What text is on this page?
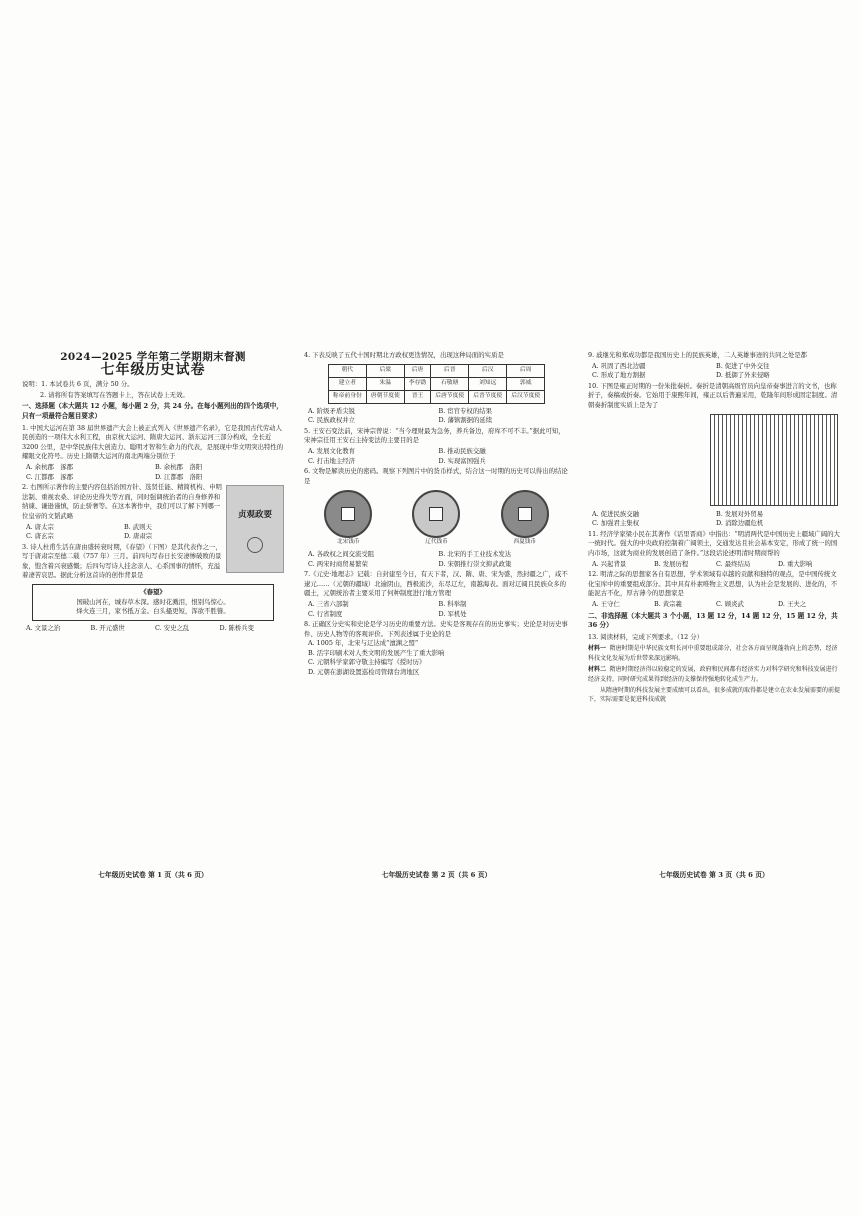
2024—2025 学年第二学期期末督测
七年级历史试卷
说明：1. 本试卷共 6 页，满分 50 分。
2. 请将所有答案填写在答题卡上，答在试卷上无效。
一、选择题（本大题共 12 小题，每小题 2 分，共 24 分。在每小题列出的四个选项中，只有一项最符合题目要求）
1. 中国大运河在第 38 届世界遗产大会上被正式列入《世界遗产名录》，它是我国古代劳动人民创造的一项伟大水利工程，由京杭大运河、隋唐大运河、浙东运河三部分构成，全长近 3200 公里，是中华民族伟大创造力、聪明才智和生命力的代表，是展现中华文明突出特性的耀眼文化符号。历史上隋朝大运河的南北两端分别位于
A. 余杭郡　涿郡	B. 余杭郡　洛阳
C. 江都郡　涿郡	D. 江都郡　洛阳
贞观政要
2. 右图所示著作的主要内容包括治国方针、选贤任能、精简机构、申明法制、重视农桑、评论历史得失等方面，同时强调统治者的自身修养和纳谏、谦逊谨慎，防止骄奢等。在这本著作中，我们可以了解下列哪一位皇帝的文韬武略
A. 唐太宗	B. 武则天
C. 唐玄宗	D. 唐肃宗
3. 诗人杜甫生活在唐由盛转衰时期，《春望》（下图）是其代表作之一，写于唐肃宗至德二载（757 年）三月。前四句写春日长安凄惨破败的景象，饱含着兴衰感慨；后四句写诗人挂念亲人、心系国事的情怀，充溢着凄苦哀思。据此分析这首诗的创作背景是
《春望》
国破山河在，城春草木深。感时花溅泪，恨别鸟惊心。
烽火连三月，家书抵万金。白头搔更短，浑欲不胜簪。
A. 文景之治	B. 开元盛世	C. 安史之乱	D. 陈桥兵变
七年级历史试卷 第 1 页（共 6 页）
4. 下表反映了五代十国时期北方政权更迭情况，出现这种局面的实质是
朝代	后梁	后唐	后晋	后汉	后周
建立者	朱温	李存勖	石敬瑭	刘知远	郭威
称帝前身份	唐朝节度使	晋王	后唐节度使	后晋节度使	后汉节度使
A. 阶级矛盾尖锐	B. 宦官专权的结果
C. 民族政权并立	D. 藩镇割据的延续
5. 王安石变法前，宋神宗曾说：“当今理财最为急务，养兵备边，府库不可不丰。”据此可知，宋神宗任用王安石主持变法的主要目的是
A. 发展文化教育	B. 推动民族交融
C. 打击地主经济	D. 实现富国强兵
6. 文物是解读历史的密码。观察下列图片中的货币样式，结合这一时期的历史可以得出的结论是
北宋钱币	辽代钱币	西夏钱币
A. 各政权之间交流受阻	B. 北宋的手工业技术发达
C. 两宋时商贸易繁荣	D. 宋朝推行崇文抑武政策
7.《元史·地理志》记载：自封建至今日，有天下者，汉、隋、唐、宋为盛，然封疆之广，咸不逮元……（元朝的疆域）北逾阴山，西极流沙，东尽辽左，南越海表。面对辽阔且民族众多的疆土，元朝统治者主要采用了何种制度进行地方管理
A. 三省六部制	B. 科举制
C. 行省制度	D. 军机处
8. 正确区分史实和史论是学习历史的重要方法。史实是客观存在的历史事实；史论是对历史事件、历史人物等的客观评价。下列表述属于史论的是
A. 1005 年，北宋与辽达成“澶渊之盟”
B. 活字印刷术对人类文明的发展产生了重大影响
C. 元朝科学家郭守敬主持编写《授时历》
D. 元朝在澎湖设置巡检司管辖台湾地区
七年级历史试卷 第 2 页（共 6 页）
9. 戚继光和郑成功都是我国历史上的民族英雄，二人英雄事迹的共同之处是都
A. 巩固了西北边疆	B. 促进了中外交往
C. 形成了地方割据	D. 抵御了外来侵略
10. 下图是雍正时期的一份朱批奏折。奏折是清朝高级官员向皇帝奏事进言的文书，也称折子，奏稿或折奏。它始用于康熙年间，雍正以后普遍采用，乾隆年间形成固定制度。清朝奏折制度实质上是为了
A. 促进民族交融	B. 发展对外贸易
C. 加强君主集权	D. 消除边疆危机
11. 经济学家梁小民在其著作《话里晋商》中指出：“明清两代是中国历史上疆域广阔的大一统时代。强大的中央政府控制着广阔领土，交通发达且社会基本安定，形成了统一的国内市场，这就为商业的发展创造了条件。”这段话论述明清时期商帮的
A. 兴起背景	B. 发展历程	C. 最终结局	D. 重大影响
12. 明清之际的思想家各自有思想，学术领域有卓越的贡献和独特的观点，是中国传统文化宝库中的重要组成部分。其中具有朴素唯物主义思想，认为社会是发展的、进化的，不能泥古不化，厚古薄今的思想家是
A. 王守仁	B. 黄宗羲	C. 顾炎武	D. 王夫之
二、非选择题（本大题共 3 个小题，13 题 12 分，14 题 12 分，15 题 12 分，共 36 分）
13. 阅读材料，完成下列要求。（12 分）
材料一 隋唐时期是中华民族文明长河中重要组成部分，社会各方面呈现蓬勃向上的态势，经济科技文化发展为后世带来深远影响。
材料二 隋唐时期经济得以较稳定的发展，政府和民间都有经济实力对科学研究和科技发展进行经济支持，同时研究成果得到经济的支撑保持强地转化成生产力。
从隋唐时期的科技发展主要成绩可以看出，很多成就的取得都是建立在农业发展需要的前提下，实际需要是促进科技成就
七年级历史试卷 第 3 页（共 6 页）
